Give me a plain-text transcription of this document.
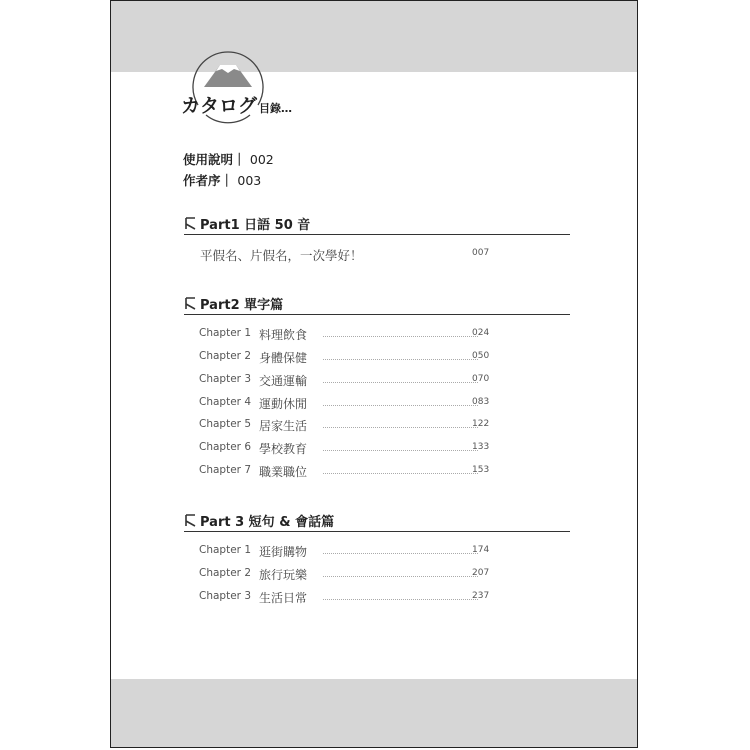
カタログ 目錄…
使用說明｜ 002
作者序｜ 003
Part1 日語 50 音
平假名、片假名，一次學好！	007
Part2 單字篇
Chapter 1 料理飲食	024
Chapter 2 身體保健	050
Chapter 3 交通運輸	070
Chapter 4 運動休閒	083
Chapter 5 居家生活	122
Chapter 6 學校教育	133
Chapter 7 職業職位	153
Part 3 短句 & 會話篇
Chapter 1 逛街購物	174
Chapter 2 旅行玩樂	207
Chapter 3 生活日常	237
